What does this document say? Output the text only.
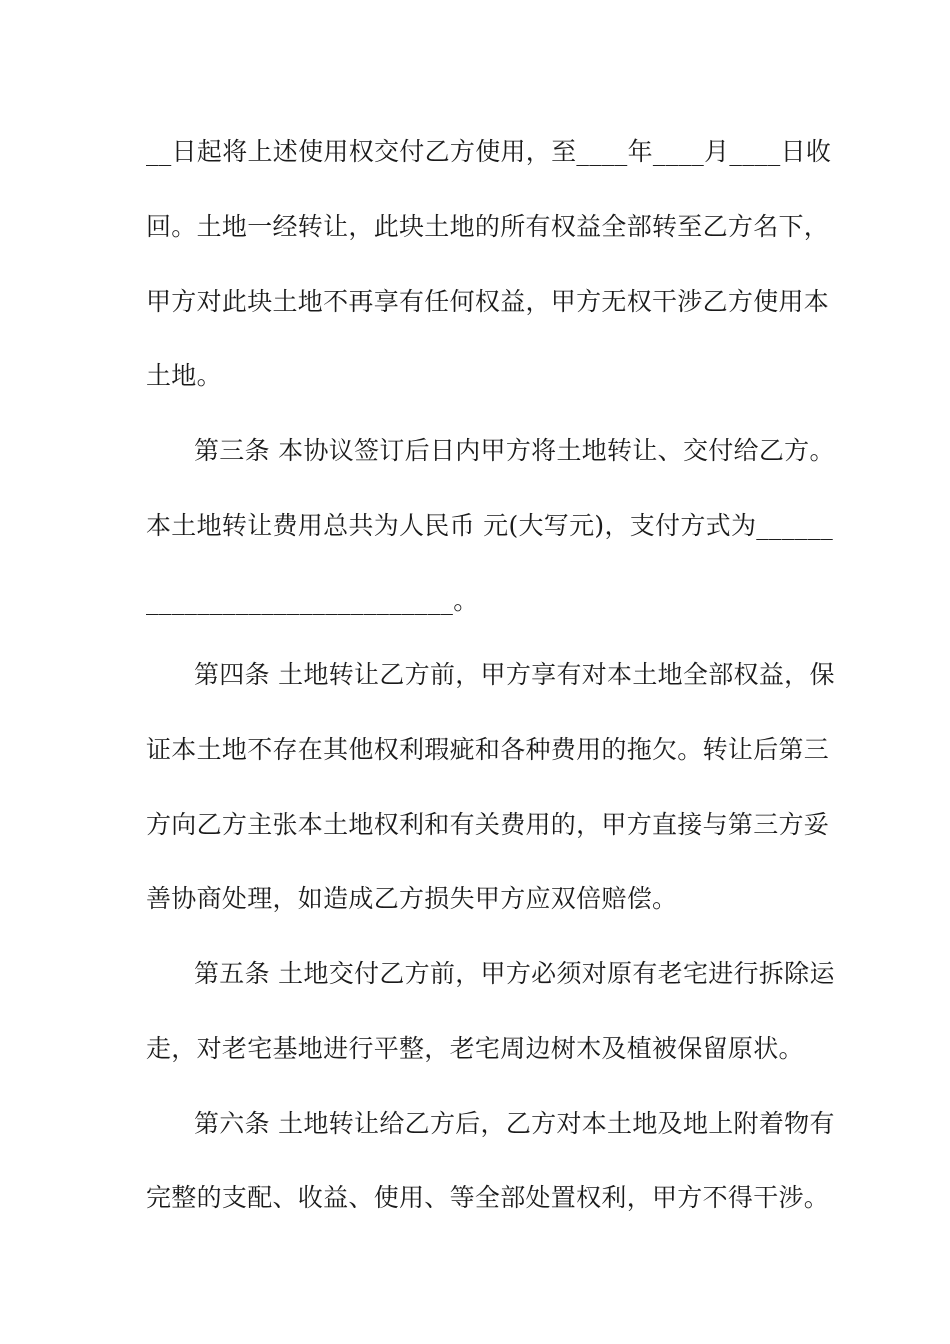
__日起将上述使用权交付乙方使用，至____年____月____日收
回。土地一经转让，此块土地的所有权益全部转至乙方名下，
甲方对此块土地不再享有任何权益，甲方无权干涉乙方使用本
土地。
第三条 本协议签订后日内甲方将土地转让、交付给乙方。
本土地转让费用总共为人民币 元(大写元)，支付方式为______
________________________。
第四条 土地转让乙方前，甲方享有对本土地全部权益，保
证本土地不存在其他权利瑕疵和各种费用的拖欠。转让后第三
方向乙方主张本土地权利和有关费用的，甲方直接与第三方妥
善协商处理，如造成乙方损失甲方应双倍赔偿。
第五条 土地交付乙方前，甲方必须对原有老宅进行拆除运
走，对老宅基地进行平整，老宅周边树木及植被保留原状。
第六条 土地转让给乙方后，乙方对本土地及地上附着物有
完整的支配、收益、使用、等全部处置权利，甲方不得干涉。
